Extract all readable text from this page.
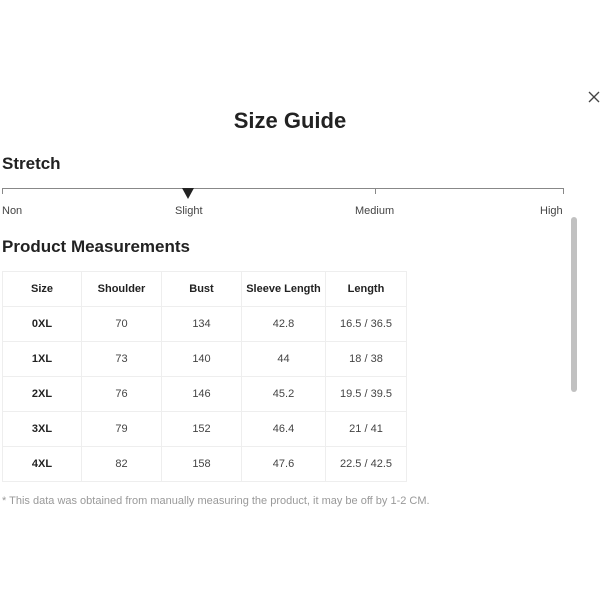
Size Guide
Stretch
Non	Slight	Medium	High
Product Measurements
Size	Shoulder	Bust	Sleeve Length	Length
0XL	70	134	42.8	16.5 / 36.5
1XL	73	140	44	18 / 38
2XL	76	146	45.2	19.5 / 39.5
3XL	79	152	46.4	21 / 41
4XL	82	158	47.6	22.5 / 42.5
* This data was obtained from manually measuring the product, it may be off by 1-2 CM.
